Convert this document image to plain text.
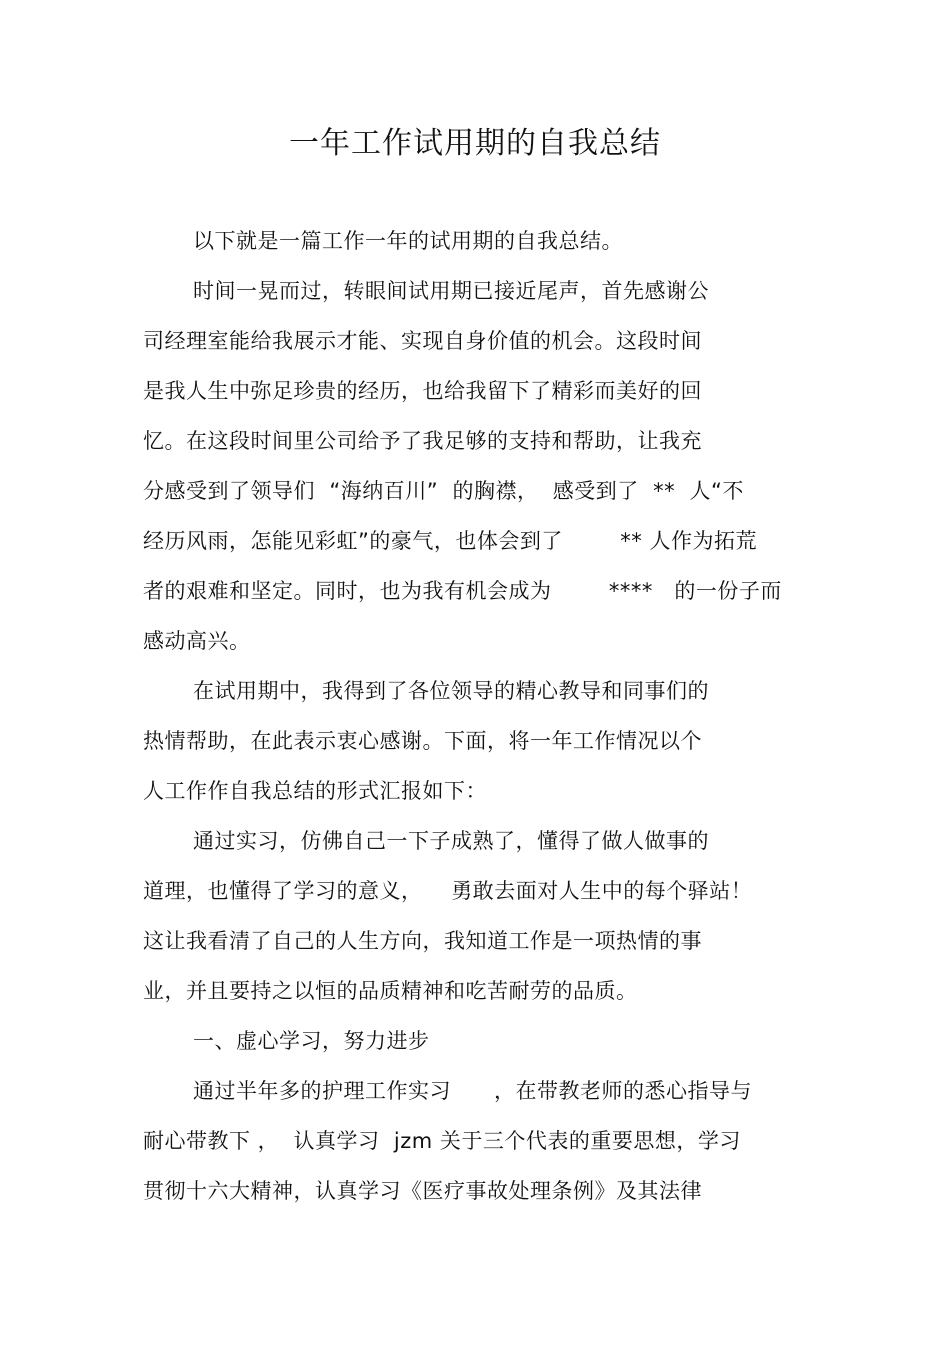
一年工作试用期的自我总结
以下就是一篇工作一年的试用期的自我总结。
时间一晃而过，转眼间试用期已接近尾声，首先感谢公
司经理室能给我展示才能、实现自身价值的机会。这段时间
是我人生中弥足珍贵的经历，也给我留下了精彩而美好的回
忆。在这段时间里公司给予了我足够的支持和帮助，让我充
分感受到了领导们  “海纳百川”  的胸襟，  感受到了  **  人“不
经历风雨，怎能见彩虹”的豪气，也体会到了        ** 人作为拓荒
者的艰难和坚定。同时，也为我有机会成为        ****   的一份子而
感动高兴。
在试用期中，我得到了各位领导的精心教导和同事们的
热情帮助，在此表示衷心感谢。下面，将一年工作情况以个
人工作作自我总结的形式汇报如下：
通过实习，仿佛自己一下子成熟了，懂得了做人做事的
道理，也懂得了学习的意义，    勇敢去面对人生中的每个驿站！
这让我看清了自己的人生方向，我知道工作是一项热情的事
业，并且要持之以恒的品质精神和吃苦耐劳的品质。
一、虚心学习，努力进步
通过半年多的护理工作实习      ，在带教老师的悉心指导与
耐心带教下 ，  认真学习  jzm 关于三个代表的重要思想，学习
贯彻十六大精神，认真学习《医疗事故处理条例》及其法律
